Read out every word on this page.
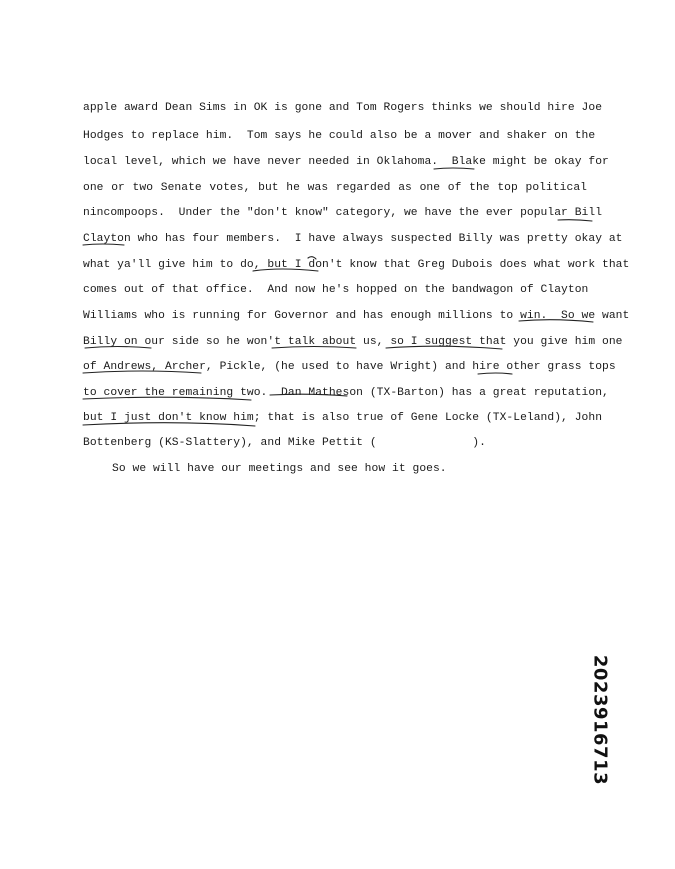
apple award Dean Sims in OK is gone and Tom Rogers thinks we should hire Joe
Hodges to replace him.  Tom says he could also be a mover and shaker on the
local level, which we have never needed in Oklahoma.  Blake might be okay for
one or two Senate votes, but he was regarded as one of the top political
nincompoops.  Under the "don't know" category, we have the ever popular Bill
Clayton who has four members.  I have always suspected Billy was pretty okay at
what ya'll give him to do, but I don't know that Greg Dubois does what work that
comes out of that office.  And now he's hopped on the bandwagon of Clayton
Williams who is running for Governor and has enough millions to win.  So we want
Billy on our side so he won't talk about us, so I suggest that you give him one
of Andrews, Archer, Pickle, (he used to have Wright) and hire other grass tops
to cover the remaining two.  Dan Matheson (TX-Barton) has a great reputation,
but I just don't know him; that is also true of Gene Locke (TX-Leland), John
Bottenberg (KS-Slattery), and Mike Pettit (              ).
So we will have our meetings and see how it goes.
2023916713
